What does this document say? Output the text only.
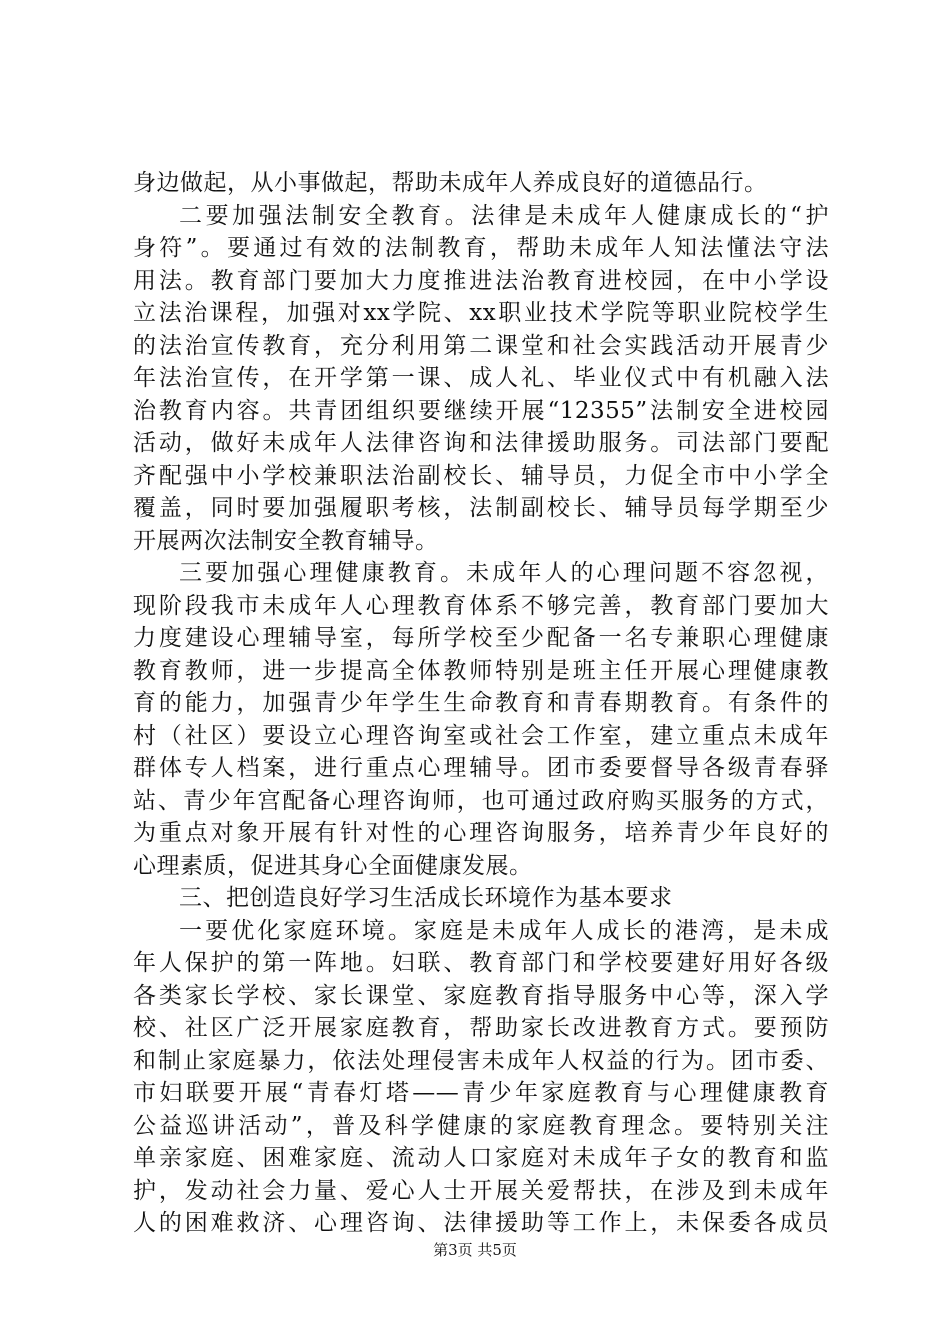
身边做起，从小事做起，帮助未成年人养成良好的道德品行。
二要加强法制安全教育。法律是未成年人健康成长的“护
身符”。要通过有效的法制教育，帮助未成年人知法懂法守法
用法。教育部门要加大力度推进法治教育进校园，在中小学设
立法治课程，加强对xx学院、xx职业技术学院等职业院校学生
的法治宣传教育，充分利用第二课堂和社会实践活动开展青少
年法治宣传，在开学第一课、成人礼、毕业仪式中有机融入法
治教育内容。共青团组织要继续开展“12355”法制安全进校园
活动，做好未成年人法律咨询和法律援助服务。司法部门要配
齐配强中小学校兼职法治副校长、辅导员，力促全市中小学全
覆盖，同时要加强履职考核，法制副校长、辅导员每学期至少
开展两次法制安全教育辅导。
三要加强心理健康教育。未成年人的心理问题不容忽视，
现阶段我市未成年人心理教育体系不够完善，教育部门要加大
力度建设心理辅导室，每所学校至少配备一名专兼职心理健康
教育教师，进一步提高全体教师特别是班主任开展心理健康教
育的能力，加强青少年学生生命教育和青春期教育。有条件的
村（社区）要设立心理咨询室或社会工作室，建立重点未成年
群体专人档案，进行重点心理辅导。团市委要督导各级青春驿
站、青少年宫配备心理咨询师，也可通过政府购买服务的方式，
为重点对象开展有针对性的心理咨询服务，培养青少年良好的
心理素质，促进其身心全面健康发展。
三、把创造良好学习生活成长环境作为基本要求
一要优化家庭环境。家庭是未成年人成长的港湾，是未成
年人保护的第一阵地。妇联、教育部门和学校要建好用好各级
各类家长学校、家长课堂、家庭教育指导服务中心等，深入学
校、社区广泛开展家庭教育，帮助家长改进教育方式。要预防
和制止家庭暴力，依法处理侵害未成年人权益的行为。团市委、
市妇联要开展“青春灯塔——青少年家庭教育与心理健康教育
公益巡讲活动”，普及科学健康的家庭教育理念。要特别关注
单亲家庭、困难家庭、流动人口家庭对未成年子女的教育和监
护，发动社会力量、爱心人士开展关爱帮扶，在涉及到未成年
人的困难救济、心理咨询、法律援助等工作上，未保委各成员
第3页 共5页
